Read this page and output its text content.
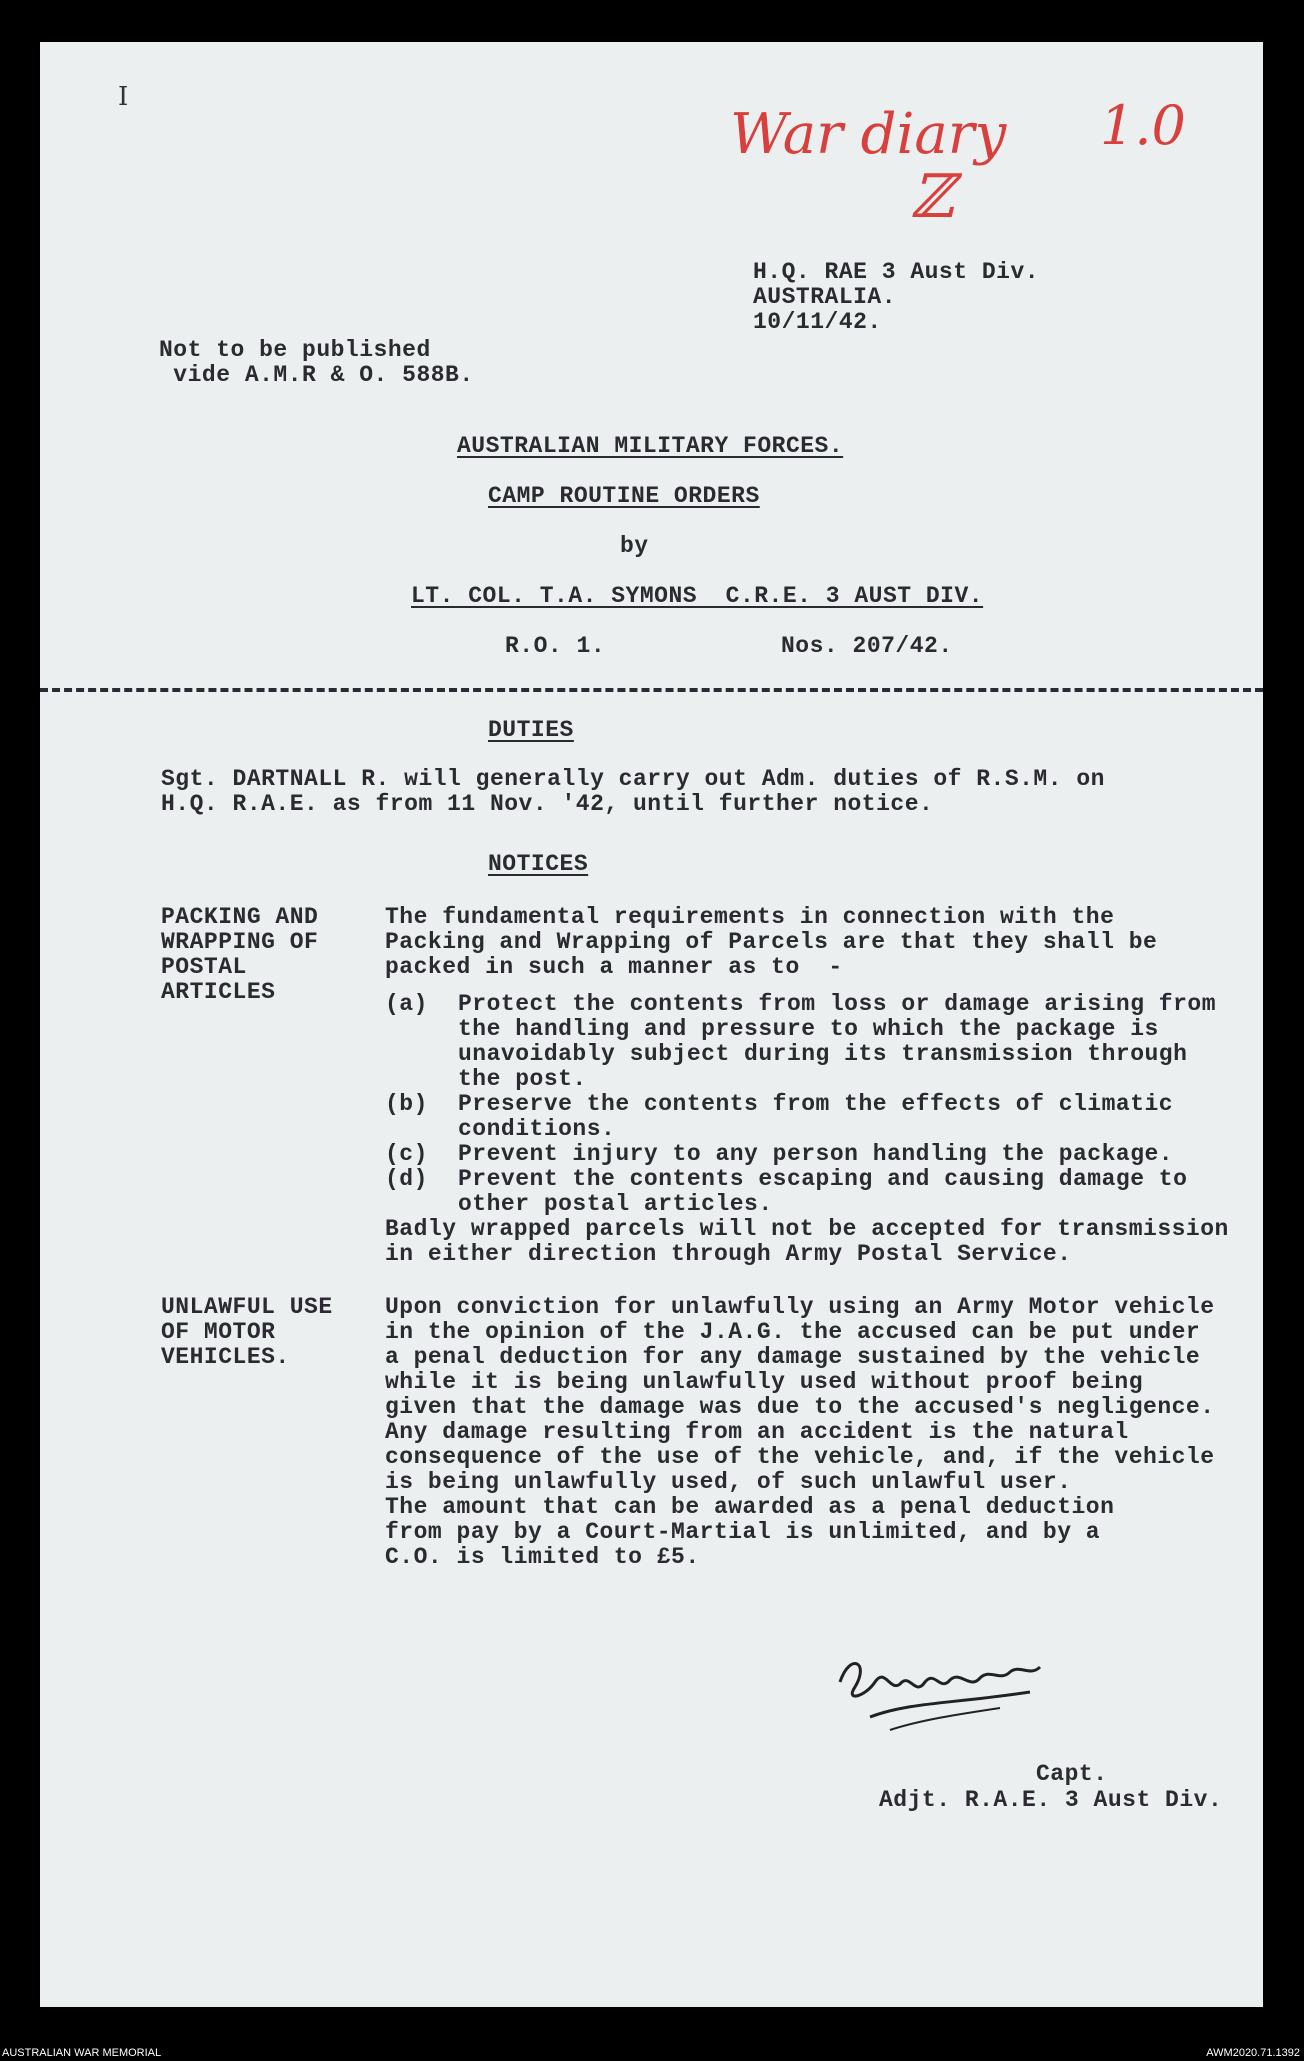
War diary 1.0
ℤ
I
H.Q. RAE 3 Aust Div.
AUSTRALIA.
10/11/42.
Not to be published
vide A.M.R & O. 588B.
AUSTRALIAN MILITARY FORCES.
CAMP ROUTINE ORDERS
by
LT. COL. T.A. SYMONS  C.R.E. 3 AUST DIV.
R.O. 1.	Nos. 207/42.
DUTIES
Sgt. DARTNALL R. will generally carry out Adm. duties of R.S.M. on
H.Q. R.A.E. as from 11 Nov. '42, until further notice.
NOTICES
PACKING AND
WRAPPING OF
POSTAL
ARTICLES
The fundamental requirements in connection with the
Packing and Wrapping of Parcels are that they shall be
packed in such a manner as to  -
(a) Protect the contents from loss or damage arising from
the handling and pressure to which the package is
unavoidably subject during its transmission through
the post.
(b) Preserve the contents from the effects of climatic
conditions.
(c) Prevent injury to any person handling the package.
(d) Prevent the contents escaping and causing damage to
other postal articles.
Badly wrapped parcels will not be accepted for transmission
in either direction through Army Postal Service.
UNLAWFUL USE
OF MOTOR
VEHICLES.
Upon conviction for unlawfully using an Army Motor vehicle
in the opinion of the J.A.G. the accused can be put under
a penal deduction for any damage sustained by the vehicle
while it is being unlawfully used without proof being
given that the damage was due to the accused's negligence.
Any damage resulting from an accident is the natural
consequence of the use of the vehicle, and, if the vehicle
is being unlawfully used, of such unlawful user.
The amount that can be awarded as a penal deduction
from pay by a Court-Martial is unlimited, and by a
C.O. is limited to £5.
Capt.
Adjt. R.A.E. 3 Aust Div.
AUSTRALIAN WAR MEMORIAL	AWM2020.71.1392
